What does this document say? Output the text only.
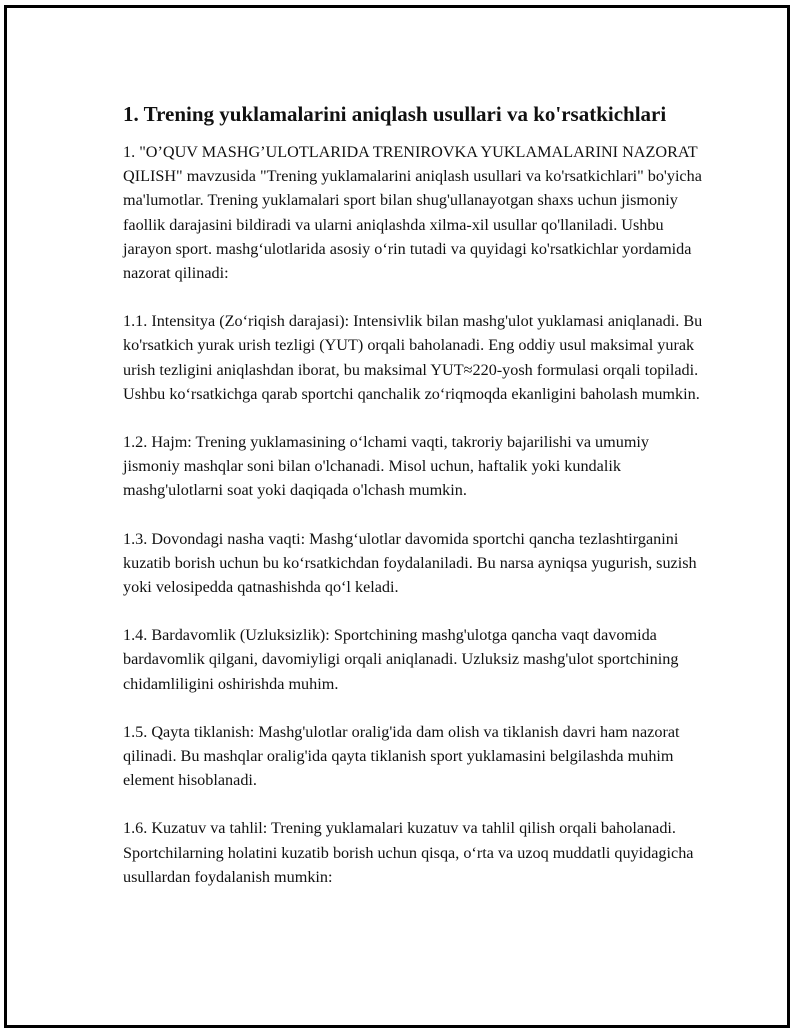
1. Trening yuklamalarini aniqlash usullari va ko'rsatkichlari

1. "O’QUV MASHG’ULOTLARIDA TRENIROVKA YUKLAMALARINI NAZORAT QILISH" mavzusida "Trening yuklamalarini aniqlash usullari va ko'rsatkichlari" bo'yicha ma'lumotlar. Trening yuklamalari sport bilan shug'ullanayotgan shaxs uchun jismoniy faollik darajasini bildiradi va ularni aniqlashda xilma-xil usullar qo'llaniladi. Ushbu jarayon sport. mashg‘ulotlarida asosiy o‘rin tutadi va quyidagi ko'rsatkichlar yordamida nazorat qilinadi:

1.1. Intensitya (Zo‘riqish darajasi): Intensivlik bilan mashg'ulot yuklamasi aniqlanadi. Bu ko'rsatkich yurak urish tezligi (YUT) orqali baholanadi. Eng oddiy usul maksimal yurak urish tezligini aniqlashdan iborat, bu maksimal YUT≈220-yosh formulasi orqali topiladi. Ushbu ko‘rsatkichga qarab sportchi qanchalik zo‘riqmoqda ekanligini baholash mumkin.

1.2. Hajm: Trening yuklamasining o‘lchami vaqti, takroriy bajarilishi va umumiy jismoniy mashqlar soni bilan o'lchanadi. Misol uchun, haftalik yoki kundalik mashg'ulotlarni soat yoki daqiqada o'lchash mumkin.

1.3. Dovondagi nasha vaqti: Mashg‘ulotlar davomida sportchi qancha tezlashtirganini kuzatib borish uchun bu ko‘rsatkichdan foydalaniladi. Bu narsa ayniqsa yugurish, suzish yoki velosipedda qatnashishda qo‘l keladi.

1.4. Bardavomlik (Uzluksizlik): Sportchining mashg'ulotga qancha vaqt davomida bardavomlik qilgani, davomiyligi orqali aniqlanadi. Uzluksiz mashg'ulot sportchining chidamliligini oshirishda muhim.

1.5. Qayta tiklanish: Mashg'ulotlar oralig'ida dam olish va tiklanish davri ham nazorat qilinadi. Bu mashqlar oralig'ida qayta tiklanish sport yuklamasini belgilashda muhim element hisoblanadi.

1.6. Kuzatuv va tahlil: Trening yuklamalari kuzatuv va tahlil qilish orqali baholanadi. Sportchilarning holatini kuzatib borish uchun qisqa, o‘rta va uzoq muddatli quyidagicha usullardan foydalanish mumkin:
